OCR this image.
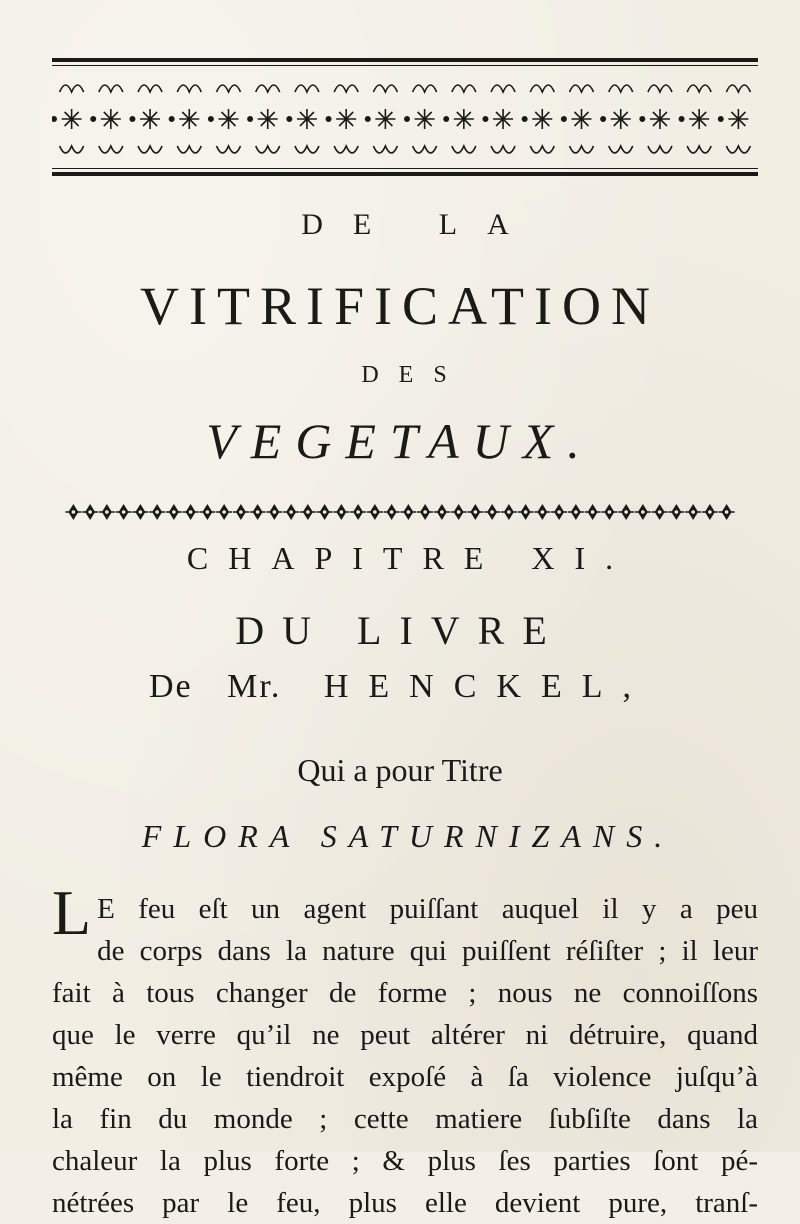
DE LA
VITRIFICATION
DES
VEGETAUX.
CHAPITRE XI.
DU LIVRE
De Mr. HENCKEL,
Qui a pour Titre
FLORA SATURNIZANS.
L E feu eſt un agent puiſſant auquel il y a peu
de corps dans la nature qui puiſſent réſiſter ; il leur
fait à tous changer de forme ; nous ne connoiſſons
que le verre qu’il ne peut altérer ni détruire, quand
même on le tiendroit expoſé à ſa violence juſqu’à
la fin du monde ; cette matiere ſubſiſte dans la
chaleur la plus forte ; & plus ſes parties ſont pé-
nétrées par le feu, plus elle devient pure, tranſ-
